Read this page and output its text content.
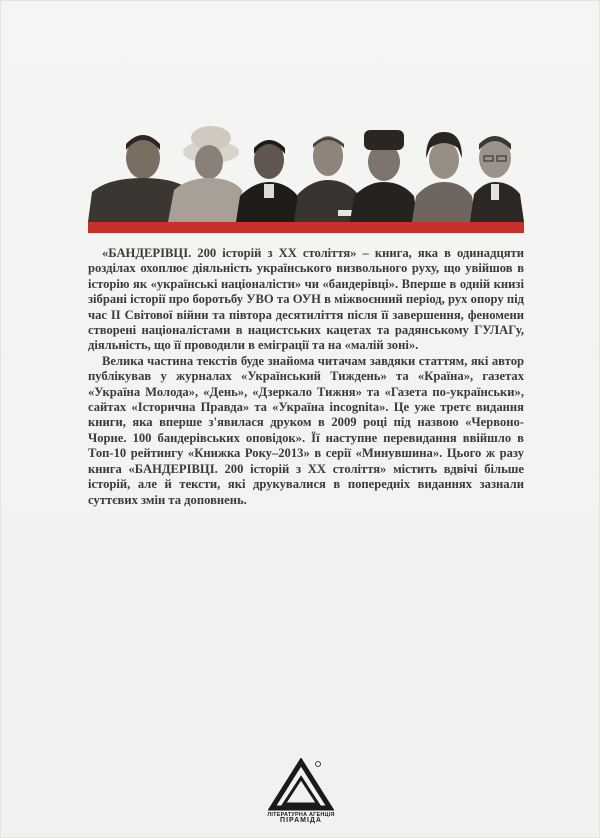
«БАНДЕРІВЦІ. 200 історій з XX століття» – книга, яка в одинадцяти розділах охоплює діяльність українського визвольного руху, що увійшов в історію як «українські націоналісти» чи «бандерівці». Вперше в одній книзі зібрані історії про боротьбу УВО та ОУН в міжвоєнний період, рух опору під час ІІ Світової війни та півтора десятиліття після її завершення, феномени створені націоналістами в нацистських кацетах та радянському ГУЛАГу, діяльність, що її проводили в еміграції та на «малій зоні».

Велика частина текстів буде знайома читачам завдяки статтям, які автор публікував у журналах «Український Тиждень» та «Країна», газетах «Україна Молода», «День», «Дзеркало Тижня» та «Газета по-українськи», сайтах «Історична Правда» та «Україна incognita». Це уже третє видання книги, яка вперше з'явилася друком в 2009 році під назвою «Червоно-Чорне. 100 бандерівських оповідок». Її наступне перевидання ввійшло в Топ-10 рейтингу «Книжка Року–2013» в серії «Минувшина». Цього ж разу книга «БАНДЕРІВЦІ. 200 історій з XX століття» містить вдвічі більше історій, але й тексти, які друкувалися в попередніх виданнях зазнали суттєвих змін та доповнень.

ЛІТЕРАТУРНА АГЕНЦІЯ
ПІРАМІДА
